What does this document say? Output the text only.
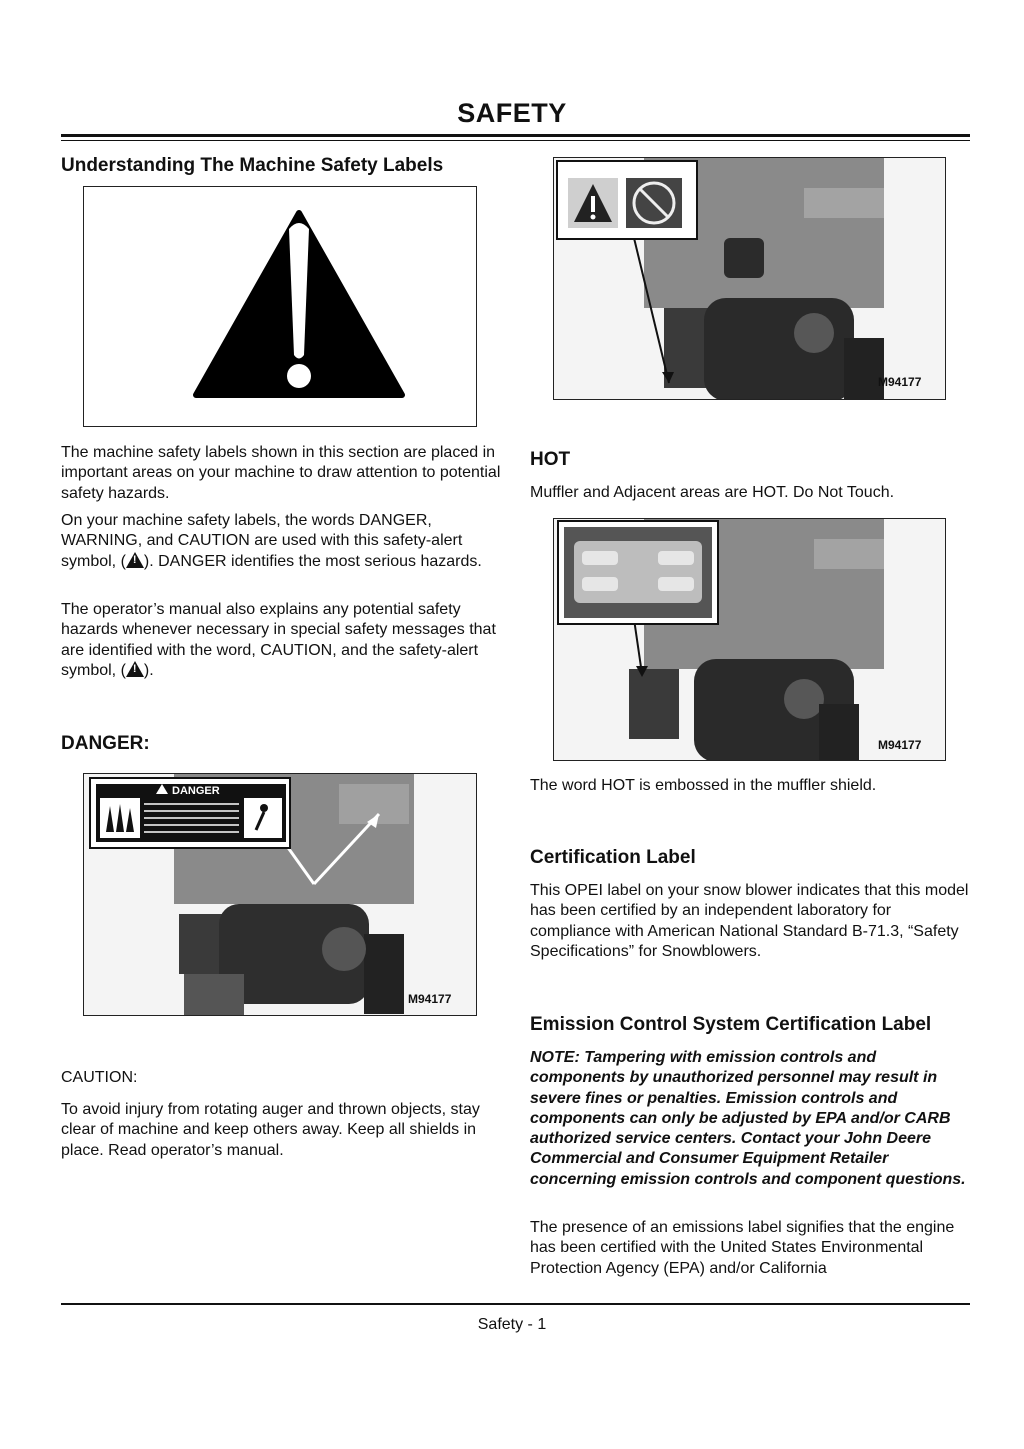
SAFETY
Understanding The Machine Safety Labels

The machine safety labels shown in this section are placed in important areas on your machine to draw attention to potential safety hazards.

On your machine safety labels, the words DANGER, WARNING, and CAUTION are used with this safety-alert symbol, ( ! ). DANGER identifies the most serious hazards.

The operator’s manual also explains any potential safety hazards whenever necessary in special safety messages that are identified with the word, CAUTION, and the safety-alert symbol, ( ! ).

DANGER:
DANGER
M94177

CAUTION:

To avoid injury from rotating auger and thrown objects, stay clear of machine and keep others away. Keep all shields in place. Read operator’s manual.

M94177
HOT

Muffler and Adjacent areas are HOT. Do Not Touch.

M94177

The word HOT is embossed in the muffler shield.

Certification Label

This OPEI label on your snow blower indicates that this model has been certified by an independent laboratory for compliance with American National Standard B-71.3, “Safety Specifications” for Snowblowers.

Emission Control System Certification Label

NOTE: Tampering with emission controls and components by unauthorized personnel may result in severe fines or penalties. Emission controls and components can only be adjusted by EPA and/or CARB authorized service centers. Contact your John Deere Commercial and Consumer Equipment Retailer concerning emission controls and component questions.

The presence of an emissions label signifies that the engine has been certified with the United States Environmental Protection Agency (EPA) and/or California

Safety - 1
